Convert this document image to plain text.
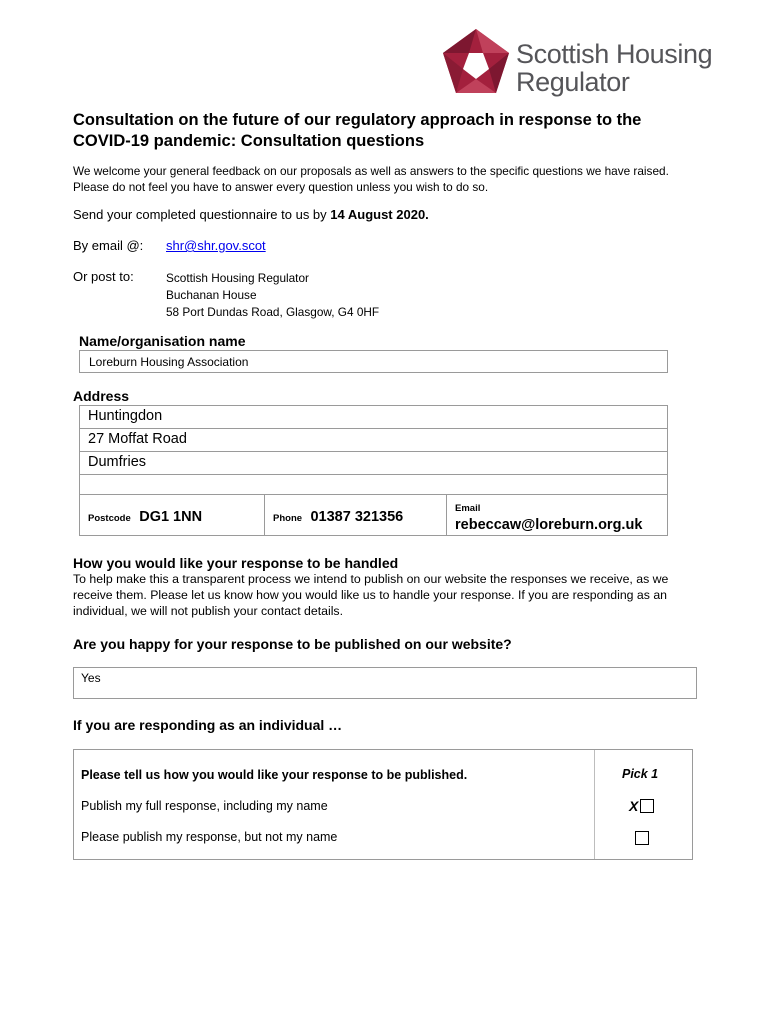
Scottish Housing
Regulator
Consultation on the future of our regulatory approach in response to the COVID-19 pandemic: Consultation questions
We welcome your general feedback on our proposals as well as answers to the specific questions we have raised. Please do not feel you have to answer every question unless you wish to do so.
Send your completed questionnaire to us by 14 August 2020.
By email @: shr@shr.gov.scot
Or post to:	Scottish Housing Regulator
Buchanan House
58 Port Dundas Road, Glasgow, G4 0HF
Name/organisation name
Loreburn Housing Association
Address
Huntingdon
27 Moffat Road
Dumfries
Postcode DG1 1NN	Phone 01387 321356
Email
rebeccaw@loreburn.org.uk
How you would like your response to be handled
To help make this a transparent process we intend to publish on our website the responses we receive, as we receive them. Please let us know how you would like us to handle your response. If you are responding as an individual, we will not publish your contact details.
Are you happy for your response to be published on our website?
Yes
If you are responding as an individual …
Please tell us how you would like your response to be published.	Pick 1
Publish my full response, including my name	X
Please publish my response, but not my name
